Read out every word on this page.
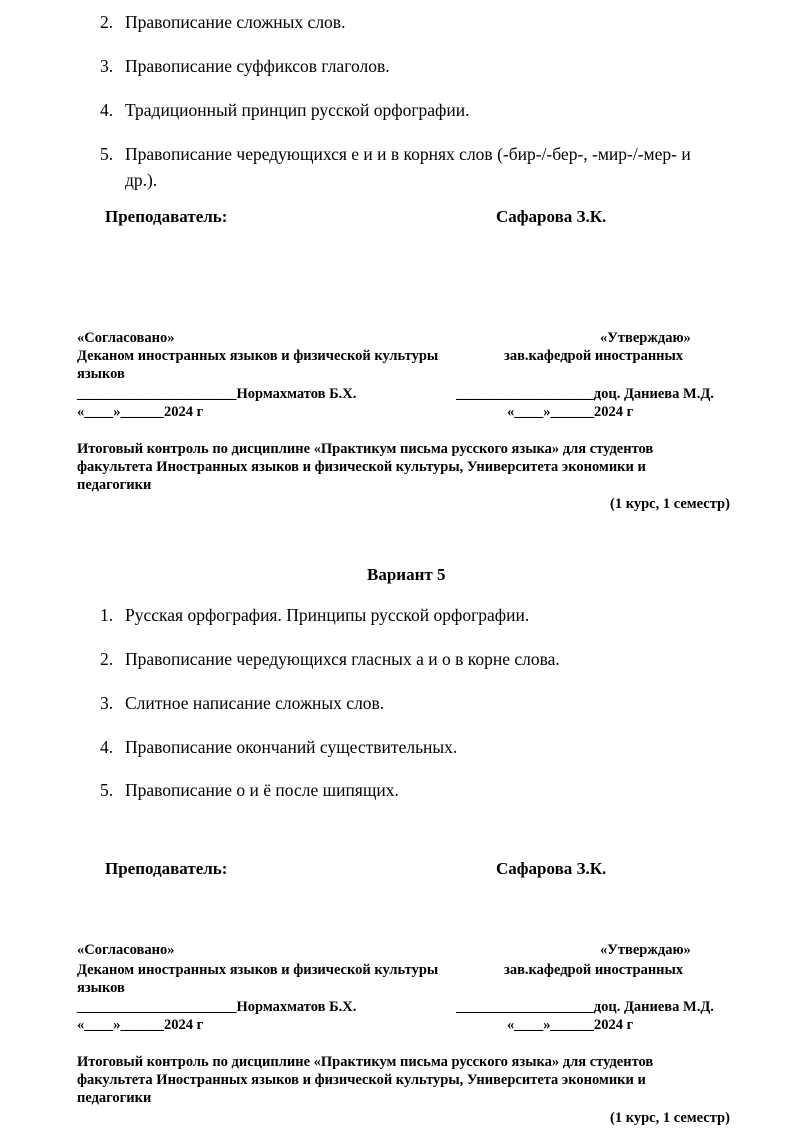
2. Правописание сложных слов.
3. Правописание суффиксов глаголов.
4. Традиционный принцип русской орфографии.
5. Правописание чередующихся е и и в корнях слов (-бир-/-бер-, -мир-/-мер- и
др.).
Преподаватель:	Сафарова З.К.
«Согласовано»	«Утверждаю»
Деканом иностранных языков и физической культуры	зав.кафедрой иностранных
языков
______________________Нормахматов Б.Х.	___________________доц. Даниева М.Д.
«____»______2024 г	«____»______2024 г
Итоговый контроль по дисциплине «Практикум письма русского языка» для студентов
факультета Иностранных языков и физической культуры, Университета экономики и
педагогики
(1 курс, 1 семестр)
Вариант 5
1. Русская орфография. Принципы русской орфографии.
2. Правописание чередующихся гласных а и о в корне слова.
3. Слитное написание сложных слов.
4. Правописание окончаний существительных.
5. Правописание о и ё после шипящих.
Преподаватель:	Сафарова З.К.
«Согласовано»	«Утверждаю»
Деканом иностранных языков и физической культуры	зав.кафедрой иностранных
языков
______________________Нормахматов Б.Х.	___________________доц. Даниева М.Д.
«____»______2024 г	«____»______2024 г
Итоговый контроль по дисциплине «Практикум письма русского языка» для студентов
факультета Иностранных языков и физической культуры, Университета экономики и
педагогики
(1 курс, 1 семестр)
